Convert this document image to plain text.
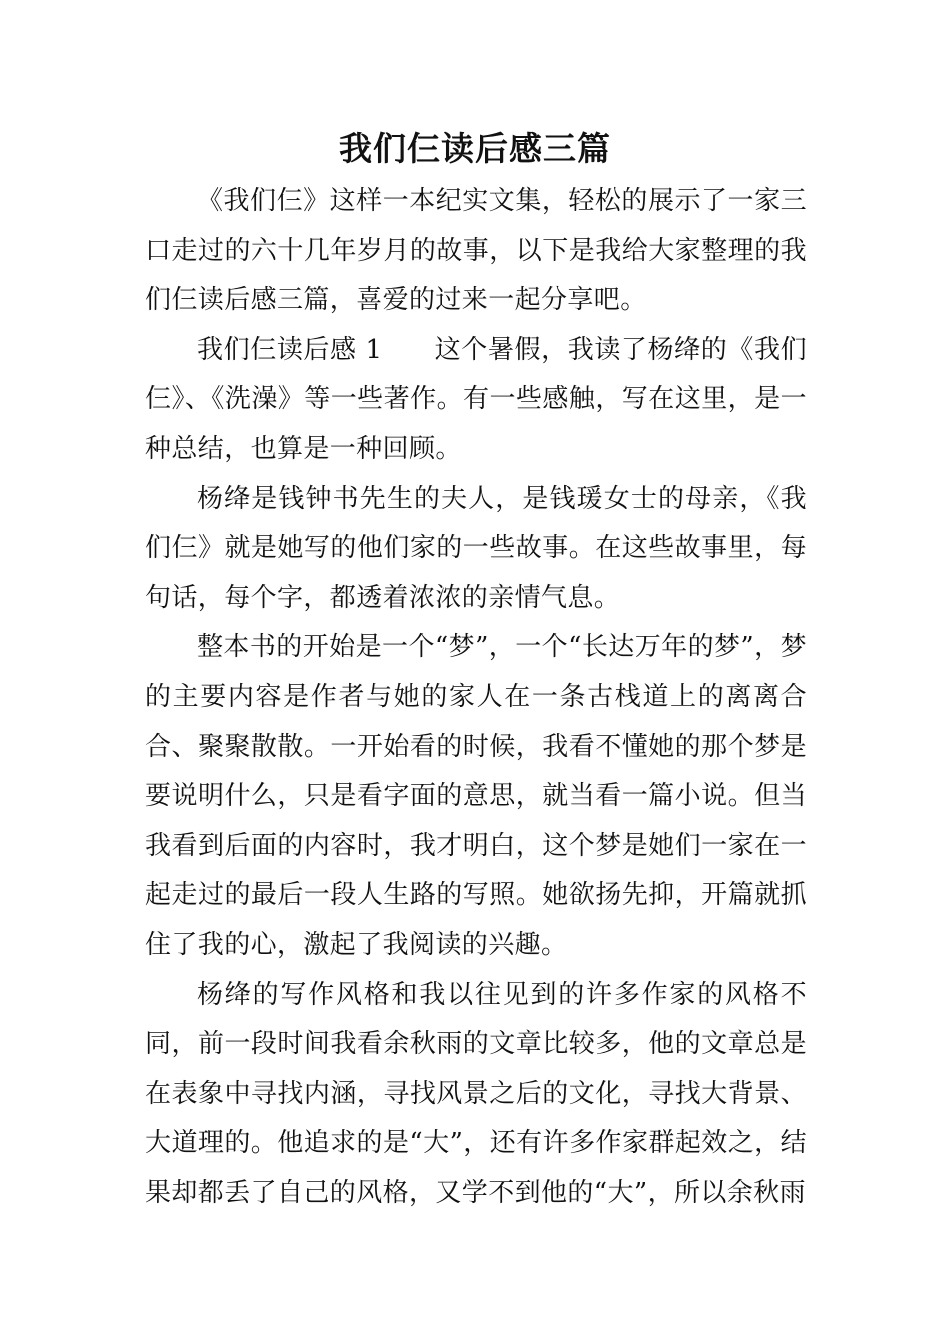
我们仨读后感三篇

《我们仨》这样一本纪实文集，轻松的展示了一家三口走过的六十几年岁月的故事，以下是我给大家整理的我们仨读后感三篇，喜爱的过来一起分享吧。

我们仨读后感 1 这个暑假，我读了杨绛的《我们仨》、《洗澡》等一些著作。有一些感触，写在这里，是一种总结，也算是一种回顾。

杨绛是钱钟书先生的夫人，是钱瑗女士的母亲，《我们仨》就是她写的他们家的一些故事。在这些故事里，每句话，每个字，都透着浓浓的亲情气息。

整本书的开始是一个“梦”，一个“长达万年的梦”，梦的主要内容是作者与她的家人在一条古栈道上的离离合合、聚聚散散。一开始看的时候，我看不懂她的那个梦是要说明什么，只是看字面的意思，就当看一篇小说。但当我看到后面的内容时，我才明白，这个梦是她们一家在一起走过的最后一段人生路的写照。她欲扬先抑，开篇就抓住了我的心，激起了我阅读的兴趣。

杨绛的写作风格和我以往见到的许多作家的风格不同，前一段时间我看余秋雨的文章比较多，他的文章总是在表象中寻找内涵，寻找风景之后的文化，寻找大背景、大道理的。他追求的是“大”，还有许多作家群起效之，结果却都丢了自己的风格，又学不到他的“大”，所以余秋雨
